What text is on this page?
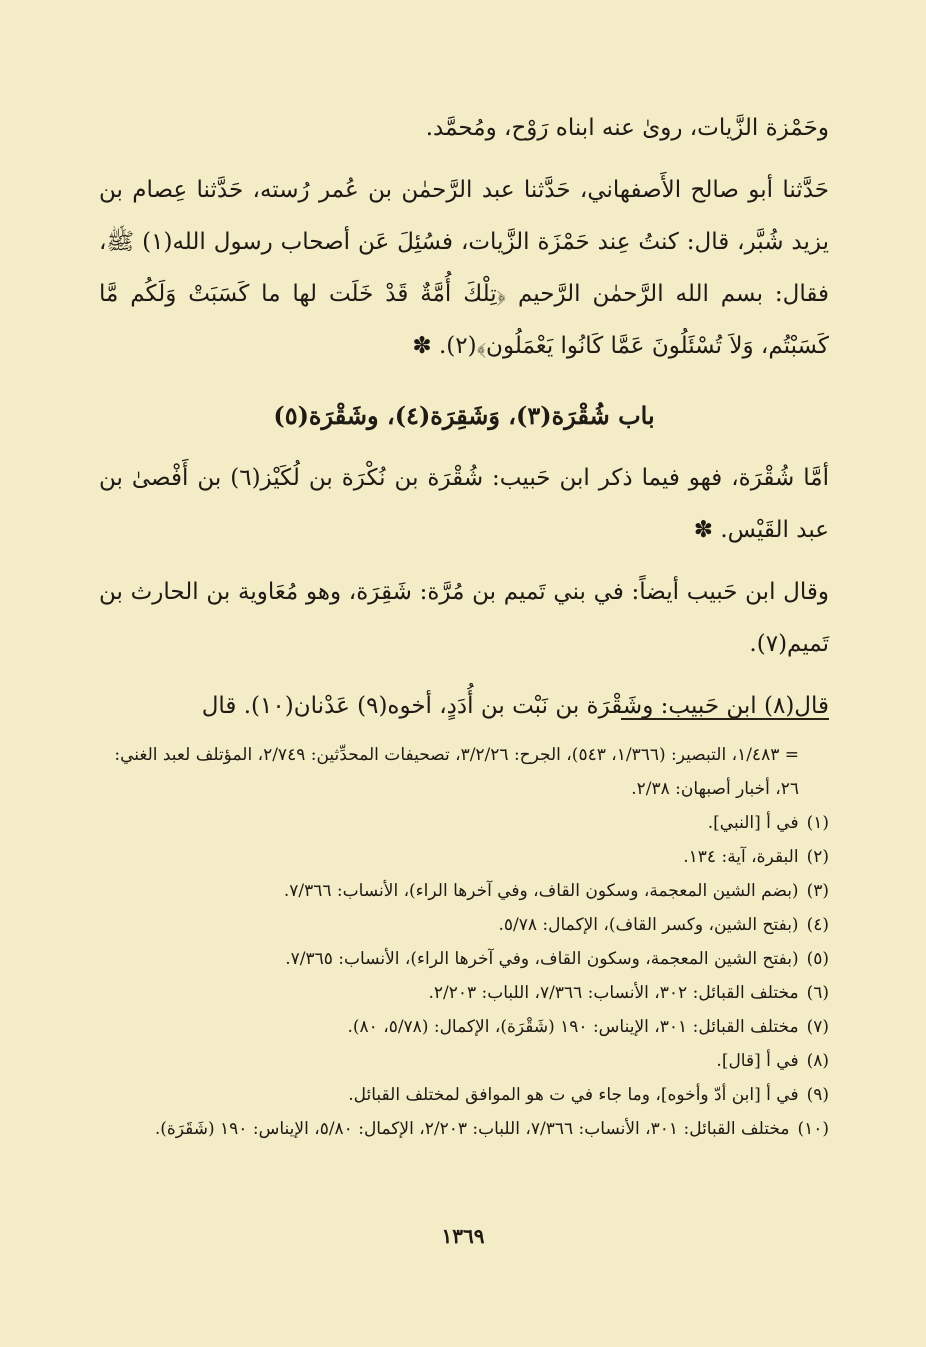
وحَمْزة الزَّيات، روىٰ عنه ابناه رَوْح، ومُحمَّد.

حَدَّثنا أبو صالح الأَصفهاني، حَدَّثنا عبد الرَّحمٰن بن عُمر رُسته، حَدَّثنا عِصام بن يزيد شُبَّر، قال: كنتُ عِند حَمْزَة الزَّيات، فسُئِلَ عَن أصحاب رسول الله(١) ﷺ، فقال: بسم الله الرَّحمٰن الرَّحيم ﴿تِلْكَ أُمَّةٌ قَدْ خَلَت لها ما كَسَبَتْ وَلَكُم مَّا كَسَبْتُم، وَلاَ تُسْئَلُونَ عَمَّا كَانُوا يَعْمَلُون﴾(٢). ✽

باب شُقْرَة(٣)، وَشَقِرَة(٤)، وشَقْرَة(٥)

أمَّا شُقْرَة، فهو فيما ذكر ابن حَبيب: شُقْرَة بن نُكْرَة بن لُكَيْز(٦) بن أَفْصىٰ بن عبد القَيْس. ✽

وقال ابن حَبيب أيضاً: في بني تَميم بن مُرَّة: شَقِرَة، وهو مُعَاوية بن الحارث بن تَميم(٧).

قال(٨) ابن حَبيب: وشَقْرَة بن نَبْت بن أُدَدٍ، أخوه(٩) عَدْنان(١٠). قال

= ١/٤٨٣، التبصير: (١/٣٦٦، ٥٤٣)، الجرح: ٣/٢/٢٦، تصحيفات المحدِّثين: ٢/٧٤٩، المؤتلف لعبد الغني: ٢٦، أخبار أصبهان: ٢/٣٨.
(١)
في أ [النبي].
(٢)
البقرة، آية: ١٣٤.
(٣)
(بضم الشين المعجمة، وسكون القاف، وفي آخرها الراء)، الأنساب: ٧/٣٦٦.
(٤)
(بفتح الشين، وكسر القاف)، الإكمال: ٥/٧٨.
(٥)
(بفتح الشين المعجمة، وسكون القاف، وفي آخرها الراء)، الأنساب: ٧/٣٦٥.
(٦)
مختلف القبائل: ٣٠٢، الأنساب: ٧/٣٦٦، اللباب: ٢/٢٠٣.
(٧)
مختلف القبائل: ٣٠١، الإيناس: ١٩٠ (شَقْرَة)، الإكمال: (٥/٧٨، ٨٠).
(٨)
في أ [قال].
(٩)
في أ [ابن أدّ وأخوه]، وما جاء في ت هو الموافق لمختلف القبائل.
(١٠)
مختلف القبائل: ٣٠١، الأنساب: ٧/٣٦٦، اللباب: ٢/٢٠٣، الإكمال: ٥/٨٠، الإيناس: ١٩٠ (شَقَرَة).
١٣٦٩
